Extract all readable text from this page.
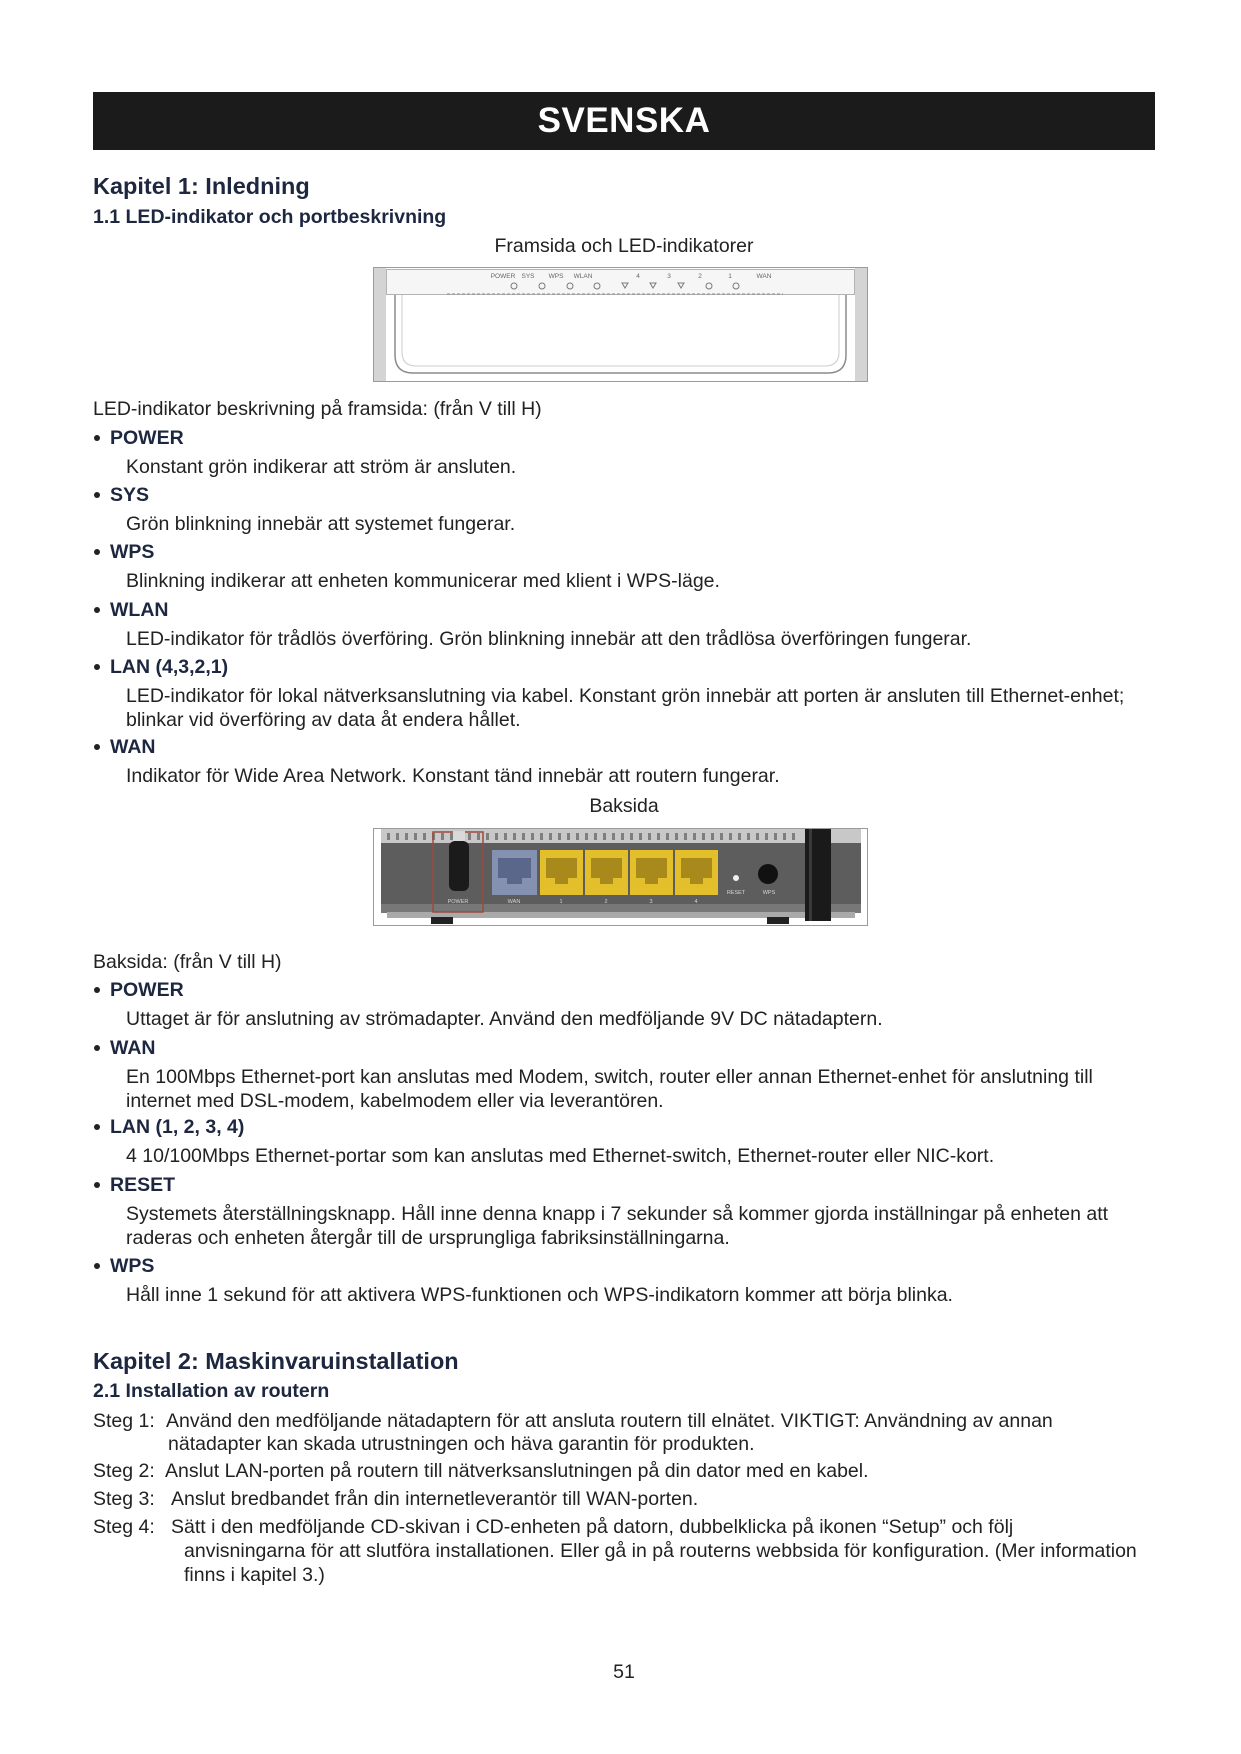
SVENSKA
Kapitel 1: Inledning
1.1 LED-indikator och portbeskrivning
Framsida och LED-indikatorer
POWER SYS WPS WLAN	4	3	2	1	WAN
LED-indikator beskrivning på framsida: (från V till H)
POWER
Konstant grön indikerar att ström är ansluten.
SYS
Grön blinkning innebär att systemet fungerar.
WPS
Blinkning indikerar att enheten kommunicerar med klient i WPS-läge.
WLAN
LED-indikator för trådlös överföring. Grön blinkning innebär att den trådlösa överföringen fungerar.
LAN (4,3,2,1)
LED-indikator för lokal nätverksanslutning via kabel. Konstant grön innebär att porten är ansluten till Ethernet-enhet;
blinkar vid överföring av data åt endera hållet.
WAN
Indikator för Wide Area Network. Konstant tänd innebär att routern fungerar.
Baksida
POWER	WAN	1	2	3	4
RESET	WPS
Baksida: (från V till H)
POWER
Uttaget är för anslutning av strömadapter. Använd den medföljande 9V DC nätadaptern.
WAN
En 100Mbps Ethernet-port kan anslutas med Modem, switch, router eller annan Ethernet-enhet för anslutning till
internet med DSL-modem, kabelmodem eller via leverantören.
LAN (1, 2, 3, 4)
4 10/100Mbps Ethernet-portar som kan anslutas med Ethernet-switch, Ethernet-router eller NIC-kort.
RESET
Systemets återställningsknapp. Håll inne denna knapp i 7 sekunder så kommer gjorda inställningar på enheten att
raderas och enheten återgår till de ursprungliga fabriksinställningarna.
WPS
Håll inne 1 sekund för att aktivera WPS-funktionen och WPS-indikatorn kommer att börja blinka.
Kapitel 2: Maskinvaruinstallation
2.1 Installation av routern
Steg 1: Använd den medföljande nätadaptern för att ansluta routern till elnätet. VIKTIGT: Användning av annan
nätadapter kan skada utrustningen och häva garantin för produkten.
Steg 2: Anslut LAN-porten på routern till nätverksanslutningen på din dator med en kabel.
Steg 3: Anslut bredbandet från din internetleverantör till WAN-porten.
Steg 4: Sätt i den medföljande CD-skivan i CD-enheten på datorn, dubbelklicka på ikonen “Setup” och följ
anvisningarna för att slutföra installationen. Eller gå in på routerns webbsida för konfiguration. (Mer information
finns i kapitel 3.)
51
